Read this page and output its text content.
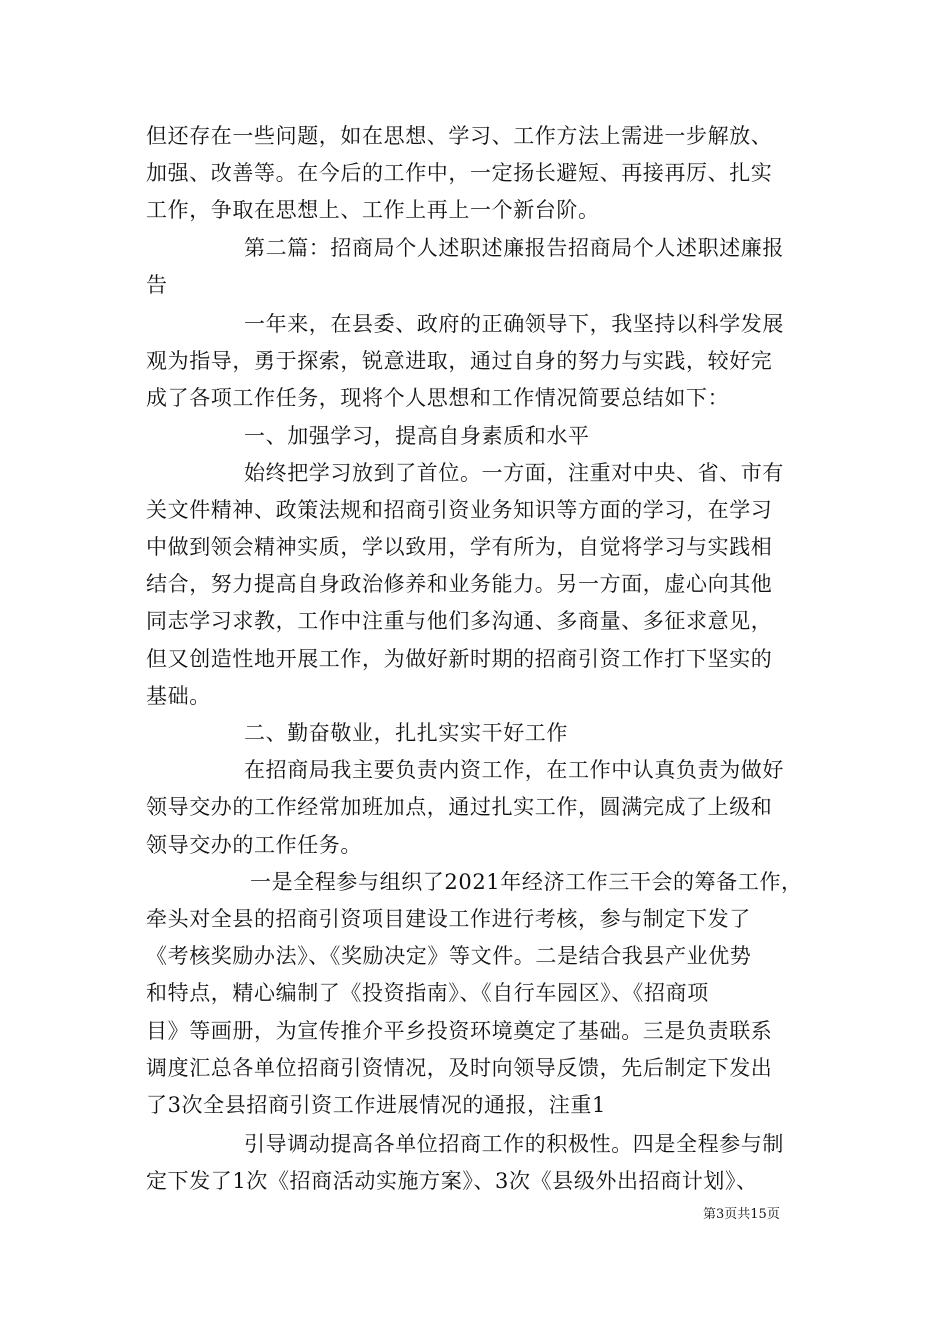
但还存在一些问题，如在思想、学习、工作方法上需进一步解放、
加强、改善等。在今后的工作中，一定扬长避短、再接再厉、扎实
工作，争取在思想上、工作上再上一个新台阶。
第二篇：招商局个人述职述廉报告招商局个人述职述廉报
告
一年来，在县委、政府的正确领导下，我坚持以科学发展
观为指导，勇于探索，锐意进取，通过自身的努力与实践，较好完
成了各项工作任务，现将个人思想和工作情况简要总结如下：
一、加强学习，提高自身素质和水平
始终把学习放到了首位。一方面，注重对中央、省、市有
关文件精神、政策法规和招商引资业务知识等方面的学习，在学习
中做到领会精神实质，学以致用，学有所为，自觉将学习与实践相
结合，努力提高自身政治修养和业务能力。另一方面，虚心向其他
同志学习求教，工作中注重与他们多沟通、多商量、多征求意见，
但又创造性地开展工作，为做好新时期的招商引资工作打下坚实的
基础。
二、勤奋敬业，扎扎实实干好工作
在招商局我主要负责内资工作，在工作中认真负责为做好
领导交办的工作经常加班加点，通过扎实工作，圆满完成了上级和
领导交办的工作任务。
一是全程参与组织了2021年经济工作三干会的筹备工作，
牵头对全县的招商引资项目建设工作进行考核，参与制定下发了
《考核奖励办法》、《奖励决定》等文件。二是结合我县产业优势
和特点，精心编制了《投资指南》、《自行车园区》、《招商项
目》等画册，为宣传推介平乡投资环境奠定了基础。三是负责联系
调度汇总各单位招商引资情况，及时向领导反馈，先后制定下发出
了3次全县招商引资工作进展情况的通报，注重1
引导调动提高各单位招商工作的积极性。四是全程参与制
定下发了1次《招商活动实施方案》、3次《县级外出招商计划》、
第3页共15页
